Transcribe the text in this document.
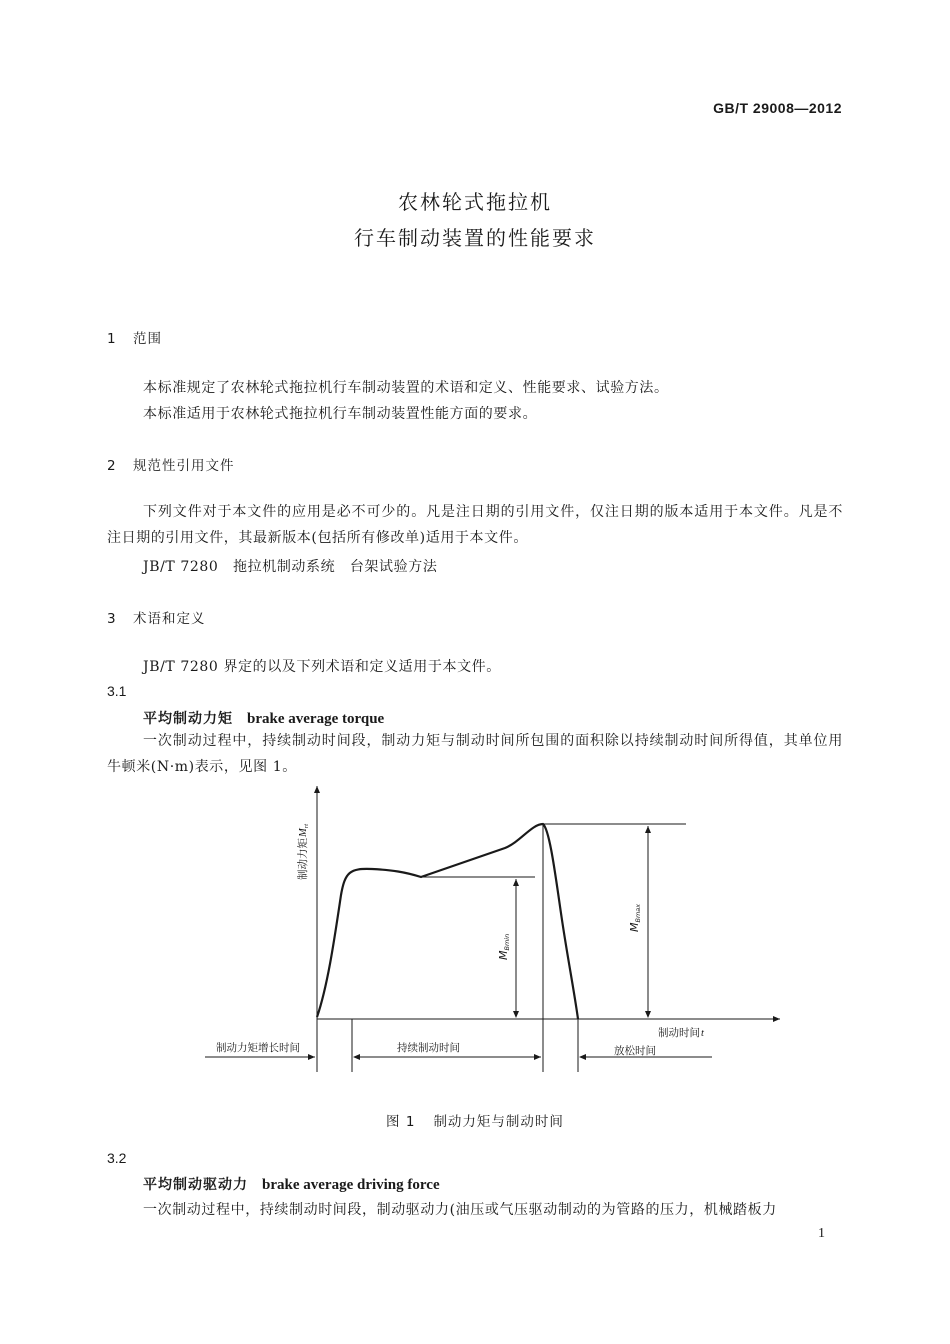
GB/T 29008—2012
农林轮式拖拉机
行车制动装置的性能要求
1 范围
本标准规定了农林轮式拖拉机行车制动装置的术语和定义、性能要求、试验方法。
本标准适用于农林轮式拖拉机行车制动装置性能方面的要求。
2 规范性引用文件
下列文件对于本文件的应用是必不可少的。凡是注日期的引用文件，仅注日期的版本适用于本文件。凡是不注日期的引用文件，其最新版本(包括所有修改单)适用于本文件。
JB/T 7280　拖拉机制动系统　台架试验方法
3 术语和定义
JB/T 7280 界定的以及下列术语和定义适用于本文件。
3.1
平均制动力矩 brake average torque
一次制动过程中，持续制动时间段，制动力矩与制动时间所包围的面积除以持续制动时间所得值，其单位用牛顿米(N·m)表示，见图 1。
制动力矩Mrt
制动时间t
MBmin
MBmax
制动力矩增长时间	持续制动时间	放松时间
图 1 制动力矩与制动时间
3.2
平均制动驱动力 brake average driving force
一次制动过程中，持续制动时间段，制动驱动力(油压或气压驱动制动的为管路的压力，机械踏板力
1
